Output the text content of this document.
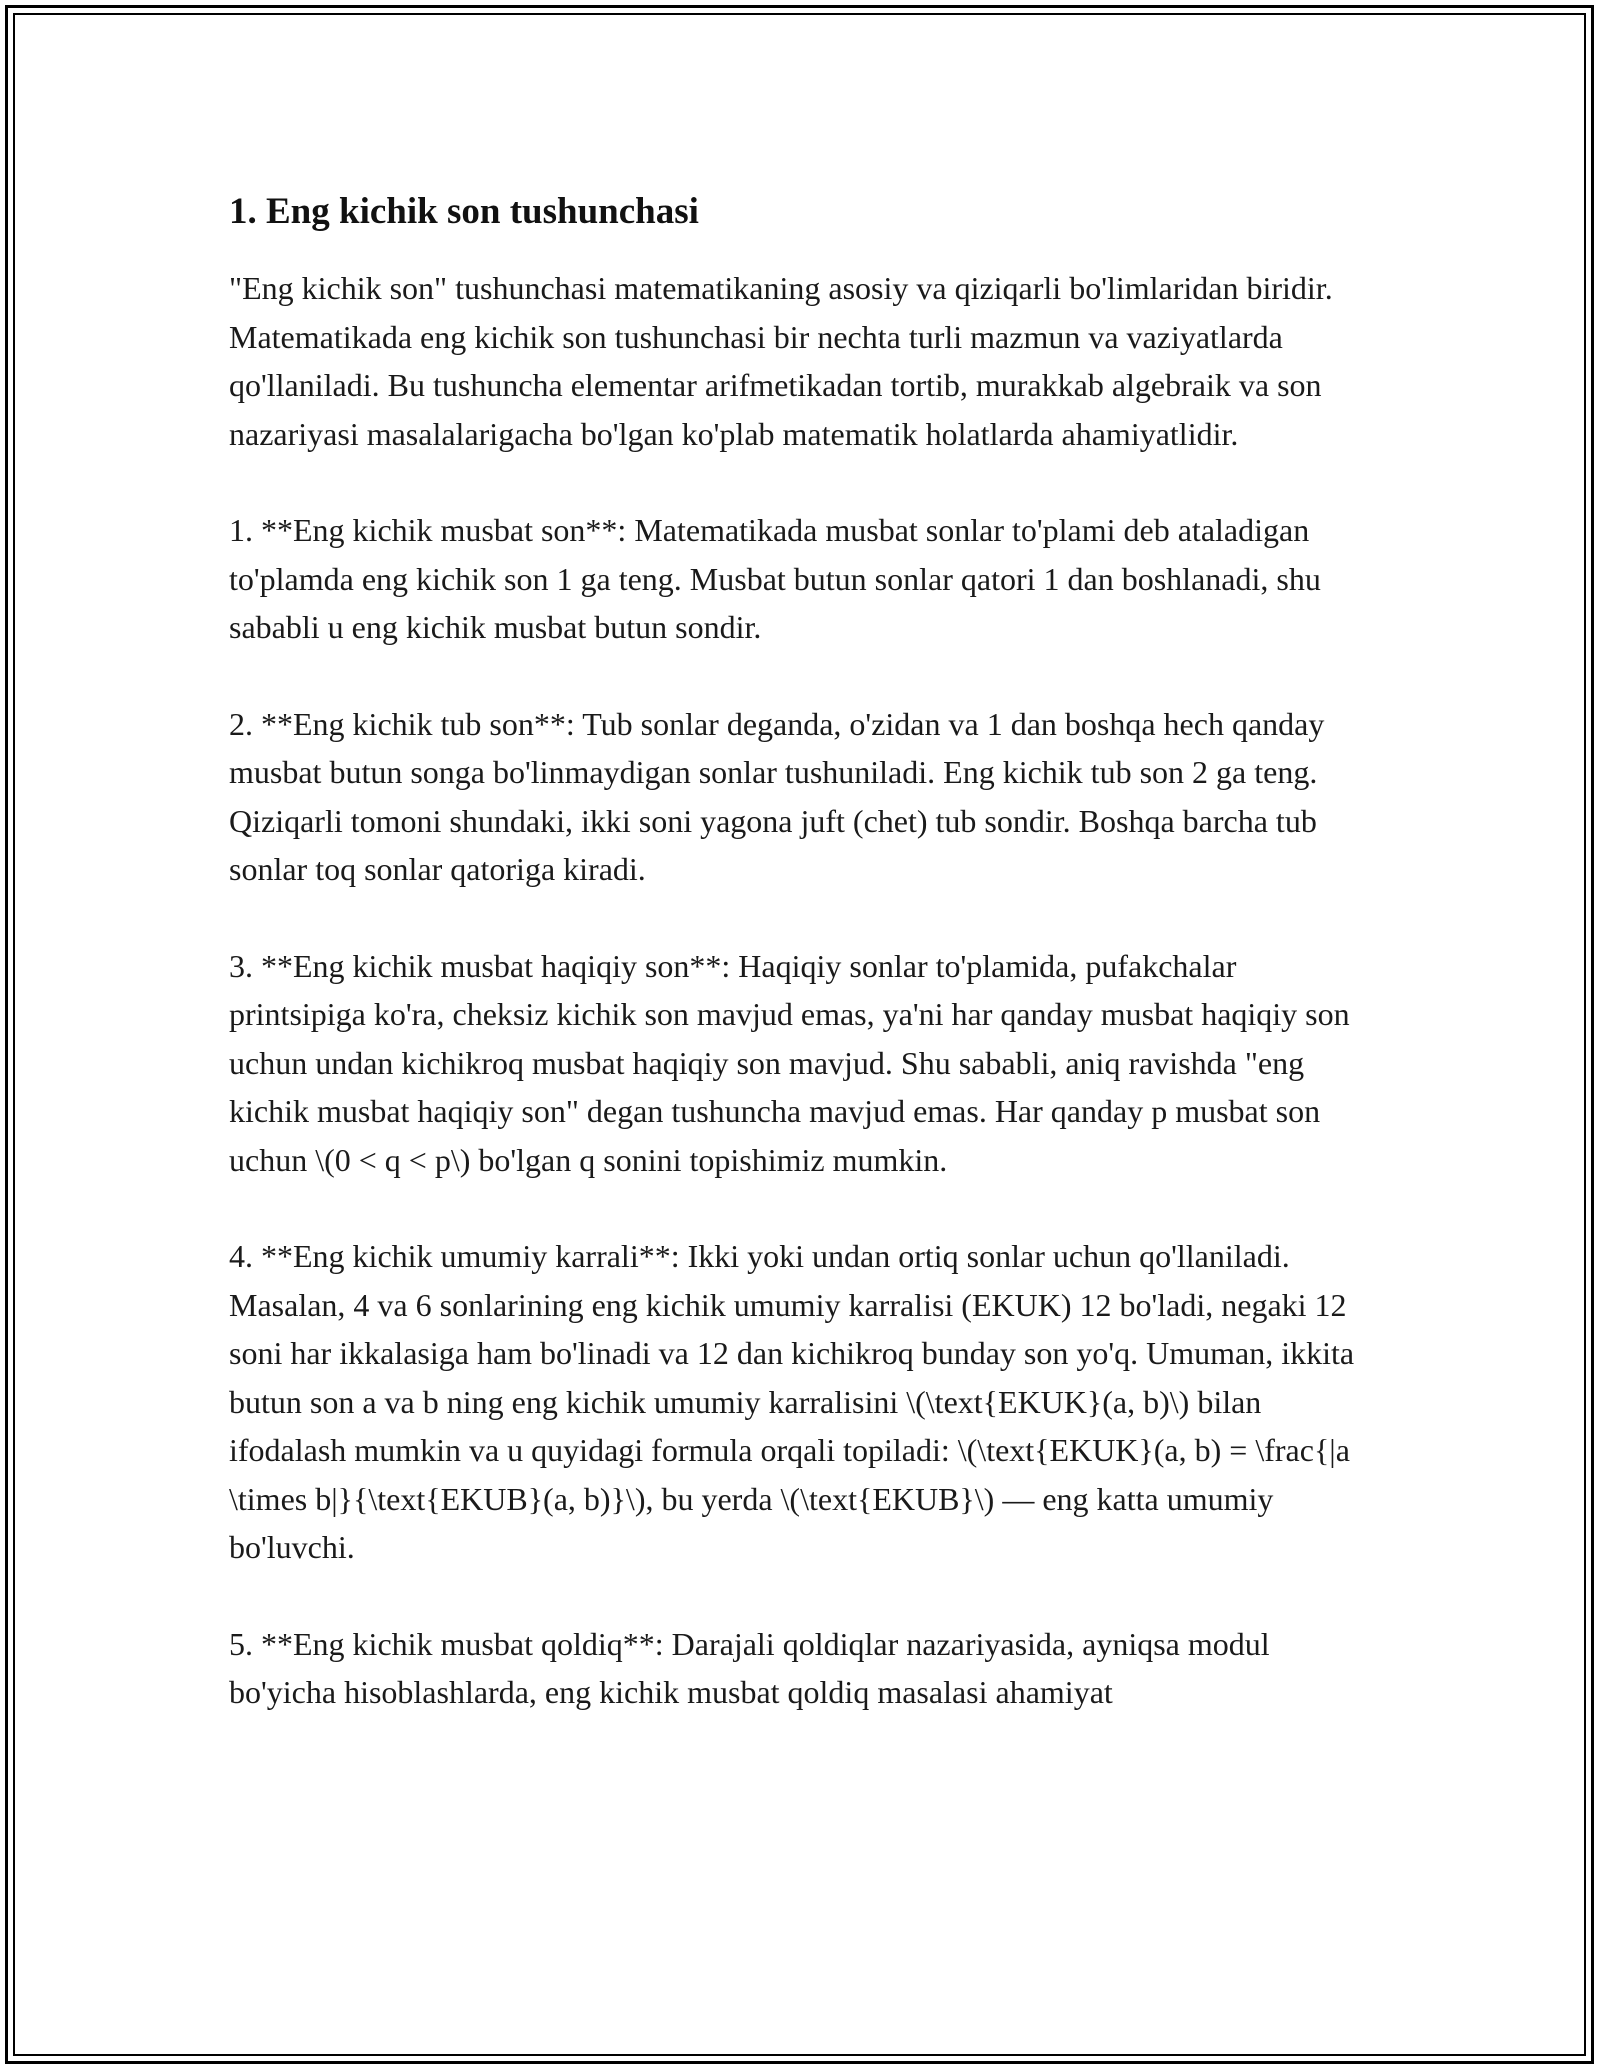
1. Eng kichik son tushunchasi

"Eng kichik son" tushunchasi matematikaning asosiy va qiziqarli bo'limlaridan biridir. Matematikada eng kichik son tushunchasi bir nechta turli mazmun va vaziyatlarda qo'llaniladi. Bu tushuncha elementar arifmetikadan tortib, murakkab algebraik va son nazariyasi masalalarigacha bo'lgan ko'plab matematik holatlarda ahamiyatlidir.

1. **Eng kichik musbat son**: Matematikada musbat sonlar to'plami deb ataladigan to'plamda eng kichik son 1 ga teng. Musbat butun sonlar qatori 1 dan boshlanadi, shu sababli u eng kichik musbat butun sondir.

2. **Eng kichik tub son**: Tub sonlar deganda, o'zidan va 1 dan boshqa hech qanday musbat butun songa bo'linmaydigan sonlar tushuniladi. Eng kichik tub son 2 ga teng. Qiziqarli tomoni shundaki, ikki soni yagona juft (chet) tub sondir. Boshqa barcha tub sonlar toq sonlar qatoriga kiradi.

3. **Eng kichik musbat haqiqiy son**: Haqiqiy sonlar to'plamida, pufakchalar printsipiga ko'ra, cheksiz kichik son mavjud emas, ya'ni har qanday musbat haqiqiy son uchun undan kichikroq musbat haqiqiy son mavjud. Shu sababli, aniq ravishda "eng kichik musbat haqiqiy son" degan tushuncha mavjud emas. Har qanday p musbat son uchun \(0 < q < p\) bo'lgan q sonini topishimiz mumkin.

4. **Eng kichik umumiy karrali**: Ikki yoki undan ortiq sonlar uchun qo'llaniladi. Masalan, 4 va 6 sonlarining eng kichik umumiy karralisi (EKUK) 12 bo'ladi, negaki 12 soni har ikkalasiga ham bo'linadi va 12 dan kichikroq bunday son yo'q. Umuman, ikkita butun son a va b ning eng kichik umumiy karralisini \(\text{EKUK}(a, b)\) bilan ifodalash mumkin va u quyidagi formula orqali topiladi: \(\text{EKUK}(a, b) = \frac{|a \times b|}{\text{EKUB}(a, b)}\), bu yerda \(\text{EKUB}\) — eng katta umumiy bo'luvchi.

5. **Eng kichik musbat qoldiq**: Darajali qoldiqlar nazariyasida, ayniqsa modul bo'yicha hisoblashlarda, eng kichik musbat qoldiq masalasi ahamiyat
